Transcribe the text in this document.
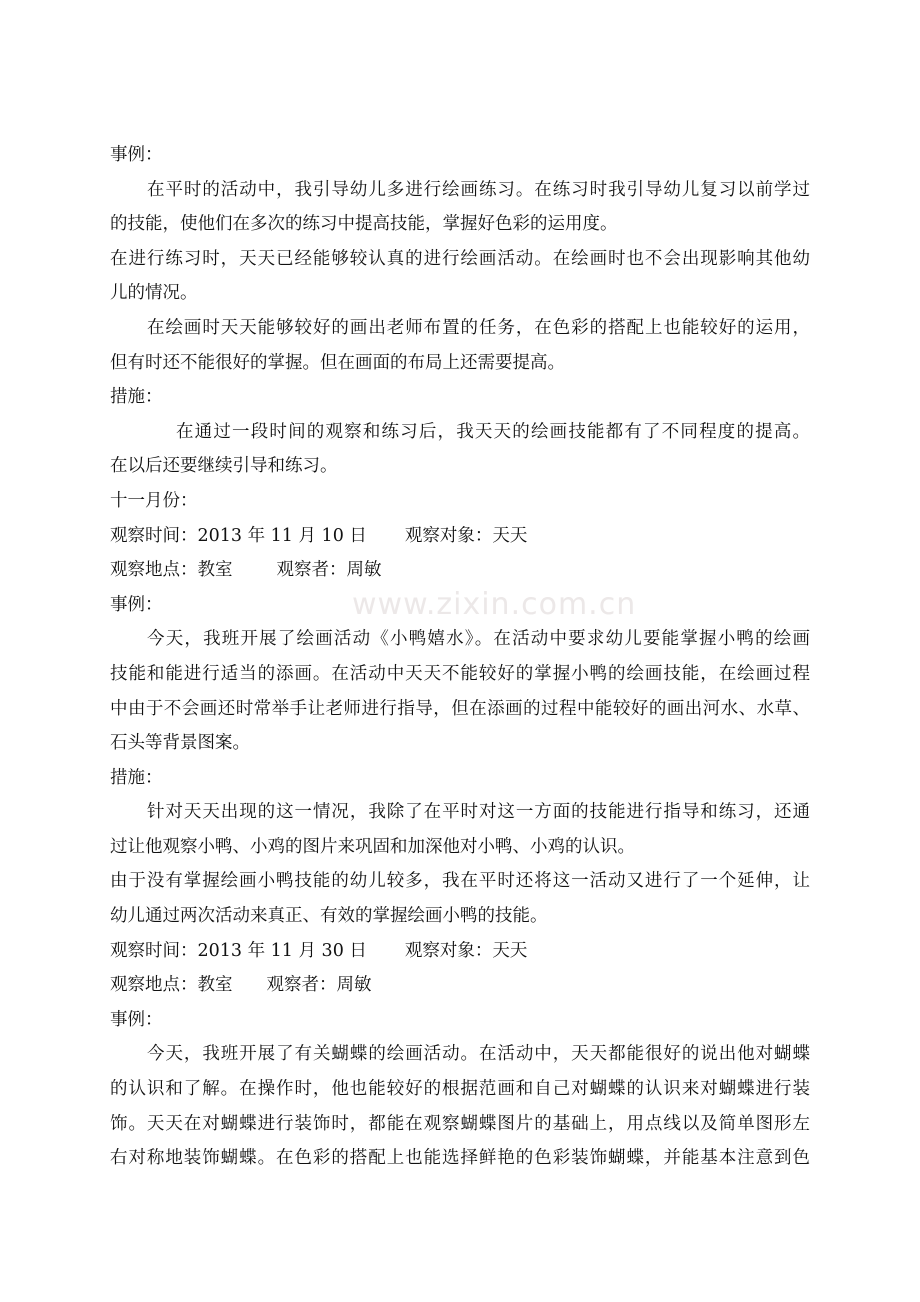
www.zixin.com.cn
事例：
在平时的活动中，我引导幼儿多进行绘画练习。在练习时我引导幼儿复习以前学过
的技能，使他们在多次的练习中提高技能，掌握好色彩的运用度。
在进行练习时，天天已经能够较认真的进行绘画活动。在绘画时也不会出现影响其他幼
儿的情况。
在绘画时天天能够较好的画出老师布置的任务，在色彩的搭配上也能较好的运用，
但有时还不能很好的掌握。但在画面的布局上还需要提高。
措施：
在通过一段时间的观察和练习后，我天天的绘画技能都有了不同程度的提高。
在以后还要继续引导和练习。
十一月份：
观察时间：2013 年 11 月 10 日 观察对象：天天
观察地点：教室	观察者：周敏
事例：
今天，我班开展了绘画活动《小鸭嬉水》。在活动中要求幼儿要能掌握小鸭的绘画
技能和能进行适当的添画。在活动中天天不能较好的掌握小鸭的绘画技能，在绘画过程
中由于不会画还时常举手让老师进行指导，但在添画的过程中能较好的画出河水、水草、
石头等背景图案。
措施：
针对天天出现的这一情况，我除了在平时对这一方面的技能进行指导和练习，还通
过让他观察小鸭、小鸡的图片来巩固和加深他对小鸭、小鸡的认识。
由于没有掌握绘画小鸭技能的幼儿较多，我在平时还将这一活动又进行了一个延伸，让
幼儿通过两次活动来真正、有效的掌握绘画小鸭的技能。
观察时间：2013 年 11 月 30 日 观察对象：天天
观察地点：教室 观察者：周敏
事例：
今天，我班开展了有关蝴蝶的绘画活动。在活动中，天天都能很好的说出他对蝴蝶
的认识和了解。在操作时，他也能较好的根据范画和自己对蝴蝶的认识来对蝴蝶进行装
饰。天天在对蝴蝶进行装饰时，都能在观察蝴蝶图片的基础上，用点线以及简单图形左
右对称地装饰蝴蝶。在色彩的搭配上也能选择鲜艳的色彩装饰蝴蝶，并能基本注意到色
